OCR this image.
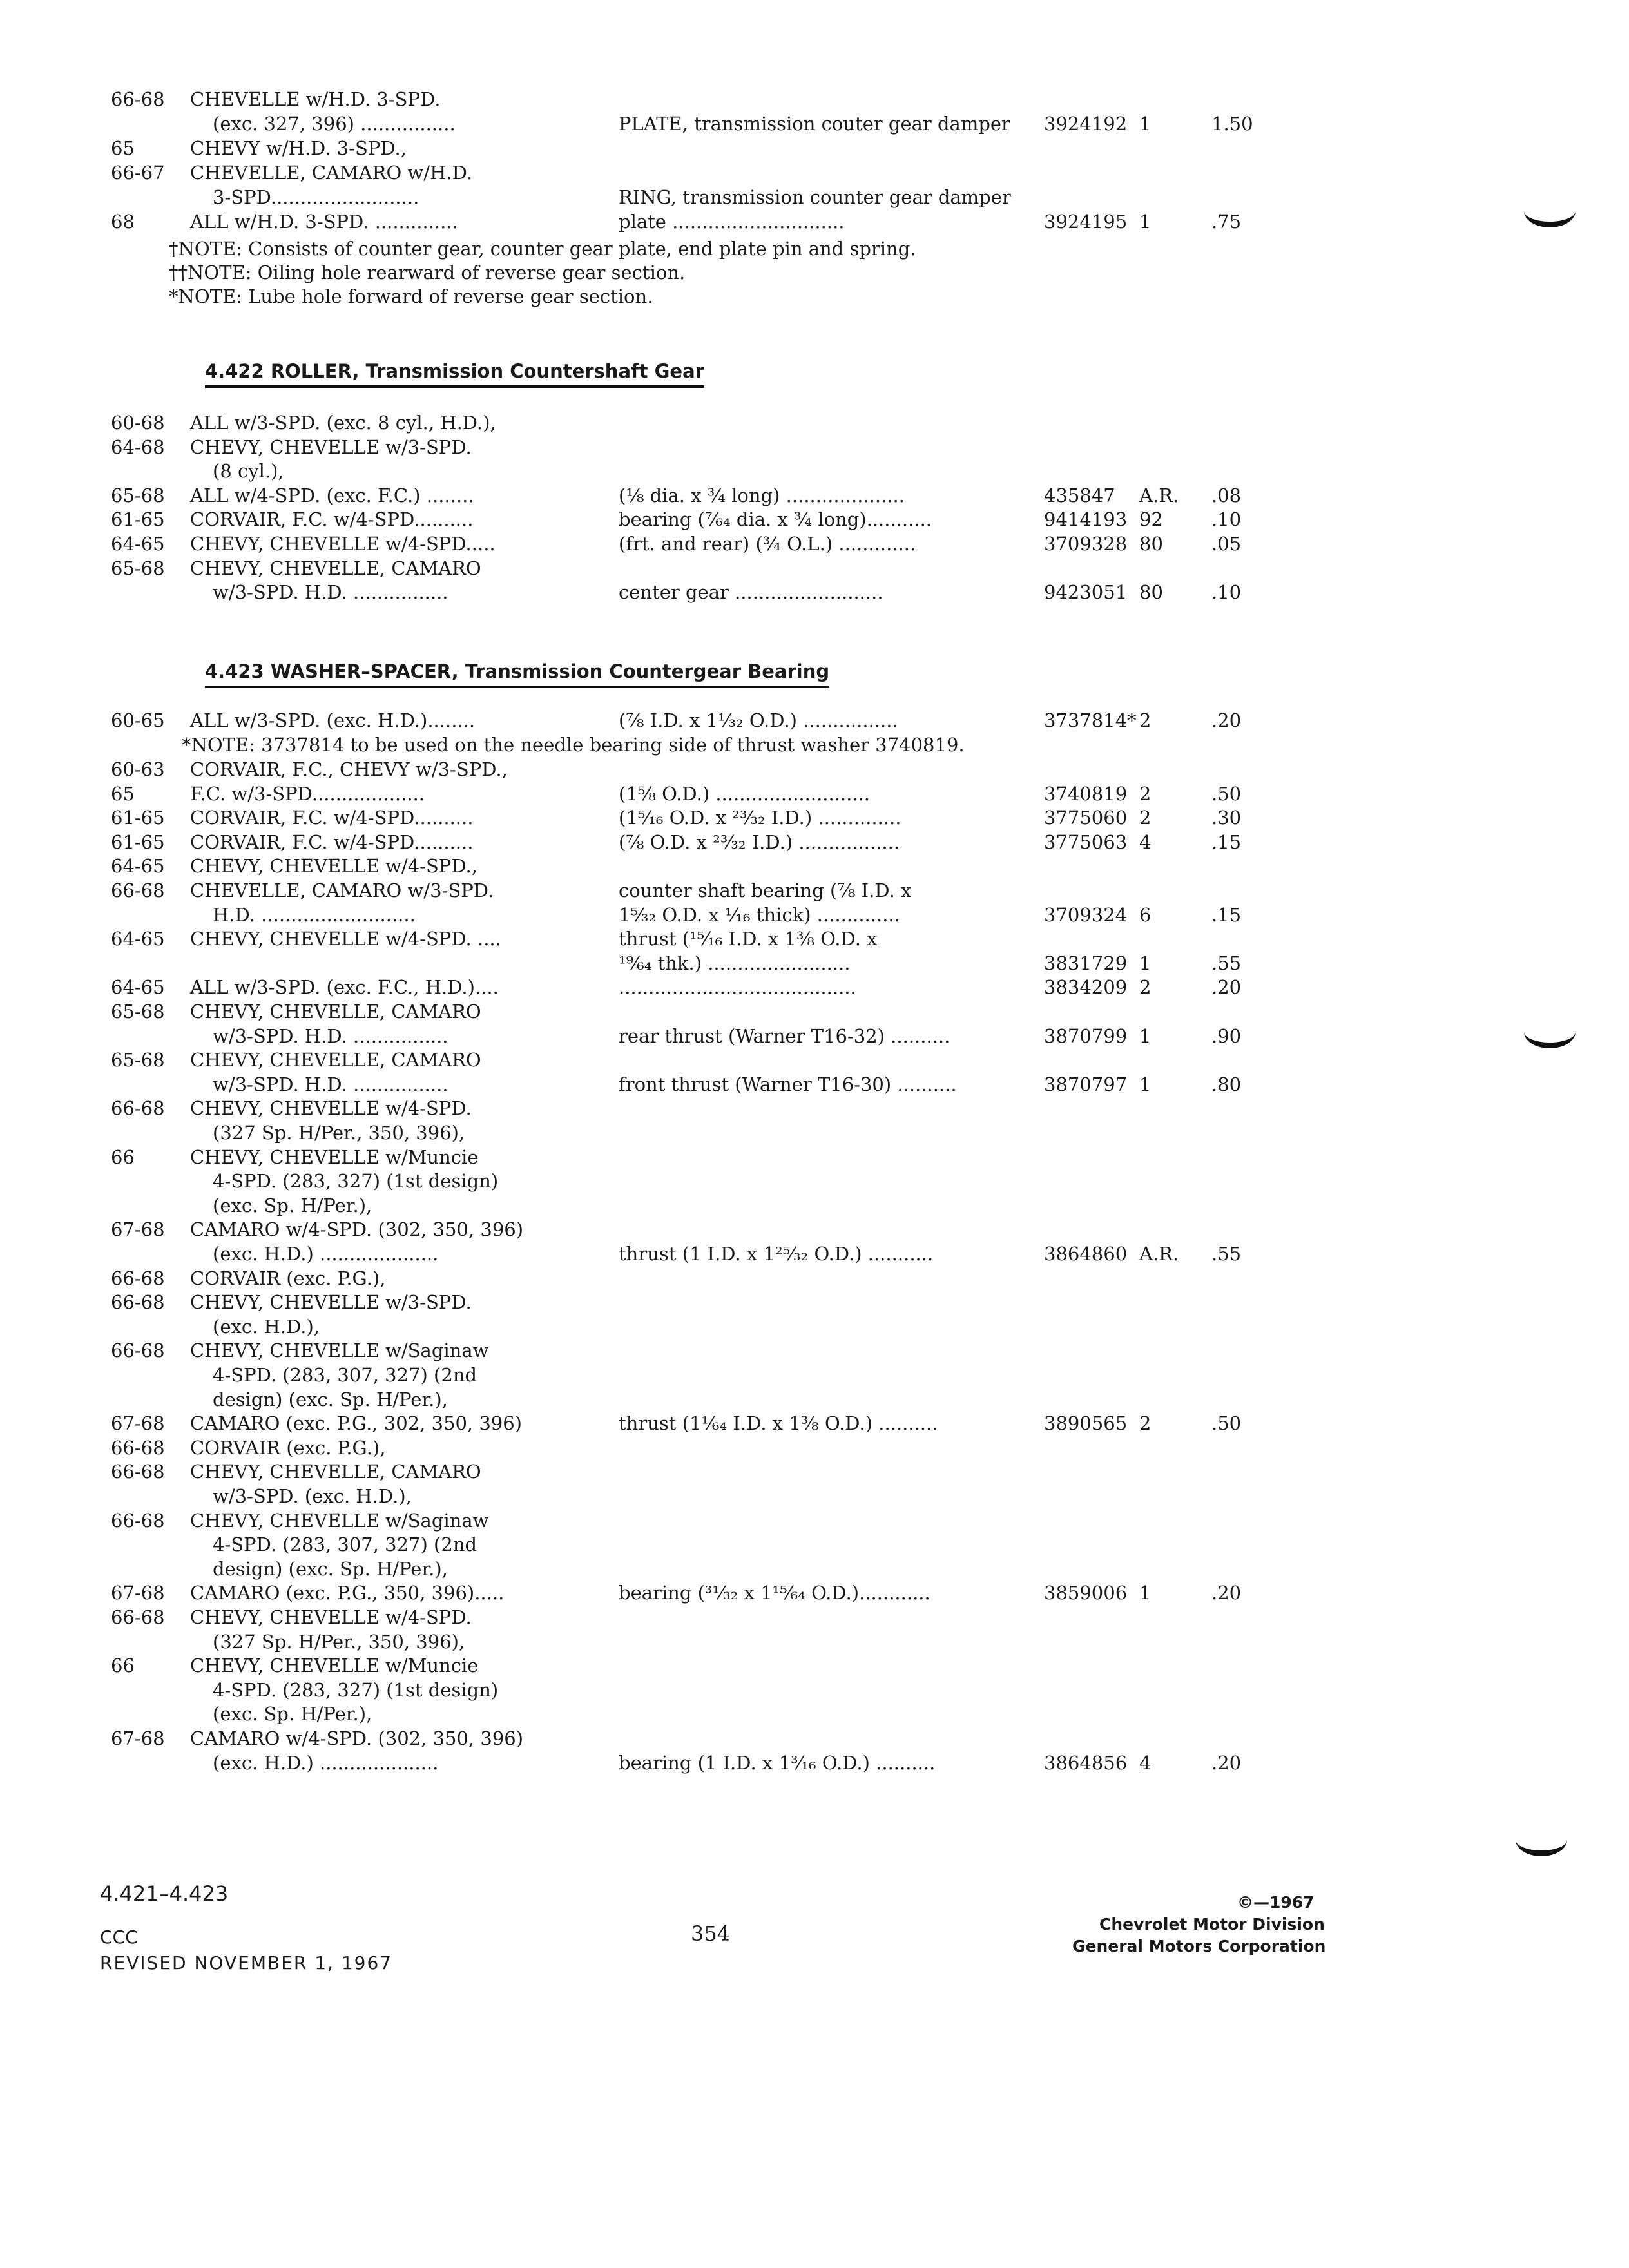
66-68 CHEVELLE w/H.D. 3-SPD.
(exc. 327, 396) ................	PLATE, transmission couter gear damper 3924192 1	1.50
65	CHEVY w/H.D. 3-SPD.,
66-67 CHEVELLE, CAMARO w/H.D.
3-SPD.........................	RING, transmission counter gear damper
68	ALL w/H.D. 3-SPD. ..............	plate .............................	3924195 1	.75
†NOTE: Consists of counter gear, counter gear plate, end plate pin and spring.
††NOTE: Oiling hole rearward of reverse gear section.
*NOTE: Lube hole forward of reverse gear section.
4.422 ROLLER, Transmission Countershaft Gear
60-68 ALL w/3-SPD. (exc. 8 cyl., H.D.),
64-68 CHEVY, CHEVELLE w/3-SPD.
(8 cyl.),
65-68 ALL w/4-SPD. (exc. F.C.) ........	(⅛ dia. x ¾ long) ....................	435847 A.R. .08
61-65 CORVAIR, F.C. w/4-SPD..........	bearing (⁷⁄₆₄ dia. x ¾ long)...........	9414193 92	.10
64-65 CHEVY, CHEVELLE w/4-SPD.....	(frt. and rear) (¾ O.L.) .............	3709328 80	.05
65-68 CHEVY, CHEVELLE, CAMARO
w/3-SPD. H.D. ................	center gear .........................	9423051 80	.10
4.423 WASHER–SPACER, Transmission Countergear Bearing
60-65 ALL w/3-SPD. (exc. H.D.)........	(⅞ I.D. x 1¹⁄₃₂ O.D.) ................	3737814* 2	.20
*NOTE: 3737814 to be used on the needle bearing side of thrust washer 3740819.
60-63 CORVAIR, F.C., CHEVY w/3-SPD.,
65	F.C. w/3-SPD...................	(1⅝ O.D.) ..........................	3740819 2	.50
61-65 CORVAIR, F.C. w/4-SPD..........	(1⁵⁄₁₆ O.D. x ²³⁄₃₂ I.D.) ..............	3775060 2	.30
61-65 CORVAIR, F.C. w/4-SPD..........	(⅞ O.D. x ²³⁄₃₂ I.D.) .................	3775063 4	.15
64-65 CHEVY, CHEVELLE w/4-SPD.,
66-68 CHEVELLE, CAMARO w/3-SPD.	counter shaft bearing (⅞ I.D. x
H.D. ..........................	1⁵⁄₃₂ O.D. x ¹⁄₁₆ thick) ..............	3709324 6	.15
64-65 CHEVY, CHEVELLE w/4-SPD. ....	thrust (¹⁵⁄₁₆ I.D. x 1⅜ O.D. x
¹⁹⁄₆₄ thk.) ........................	3831729 1	.55
64-65 ALL w/3-SPD. (exc. F.C., H.D.)....	........................................	3834209 2	.20
65-68 CHEVY, CHEVELLE, CAMARO
w/3-SPD. H.D. ................	rear thrust (Warner T16-32) ..........	3870799 1	.90
65-68 CHEVY, CHEVELLE, CAMARO
w/3-SPD. H.D. ................	front thrust (Warner T16-30) ..........	3870797 1	.80
66-68 CHEVY, CHEVELLE w/4-SPD.
(327 Sp. H/Per., 350, 396),
66	CHEVY, CHEVELLE w/Muncie
4-SPD. (283, 327) (1st design)
(exc. Sp. H/Per.),
67-68 CAMARO w/4-SPD. (302, 350, 396)
(exc. H.D.) ....................	thrust (1 I.D. x 1²⁵⁄₃₂ O.D.) ...........	3864860 A.R. .55
66-68 CORVAIR (exc. P.G.),
66-68 CHEVY, CHEVELLE w/3-SPD.
(exc. H.D.),
66-68 CHEVY, CHEVELLE w/Saginaw
4-SPD. (283, 307, 327) (2nd
design) (exc. Sp. H/Per.),
67-68 CAMARO (exc. P.G., 302, 350, 396)	thrust (1¹⁄₆₄ I.D. x 1⅜ O.D.) ..........	3890565 2	.50
66-68 CORVAIR (exc. P.G.),
66-68 CHEVY, CHEVELLE, CAMARO
w/3-SPD. (exc. H.D.),
66-68 CHEVY, CHEVELLE w/Saginaw
4-SPD. (283, 307, 327) (2nd
design) (exc. Sp. H/Per.),
67-68 CAMARO (exc. P.G., 350, 396).....	bearing (³¹⁄₃₂ x 1¹⁵⁄₆₄ O.D.)............	3859006 1	.20
66-68 CHEVY, CHEVELLE w/4-SPD.
(327 Sp. H/Per., 350, 396),
66	CHEVY, CHEVELLE w/Muncie
4-SPD. (283, 327) (1st design)
(exc. Sp. H/Per.),
67-68 CAMARO w/4-SPD. (302, 350, 396)
(exc. H.D.) ....................	bearing (1 I.D. x 1³⁄₁₆ O.D.) ..........	3864856 4	.20
4.421–4.423
CCC
REVISED NOVEMBER 1, 1967
354
©—1967
Chevrolet Motor Division
General Motors Corporation
